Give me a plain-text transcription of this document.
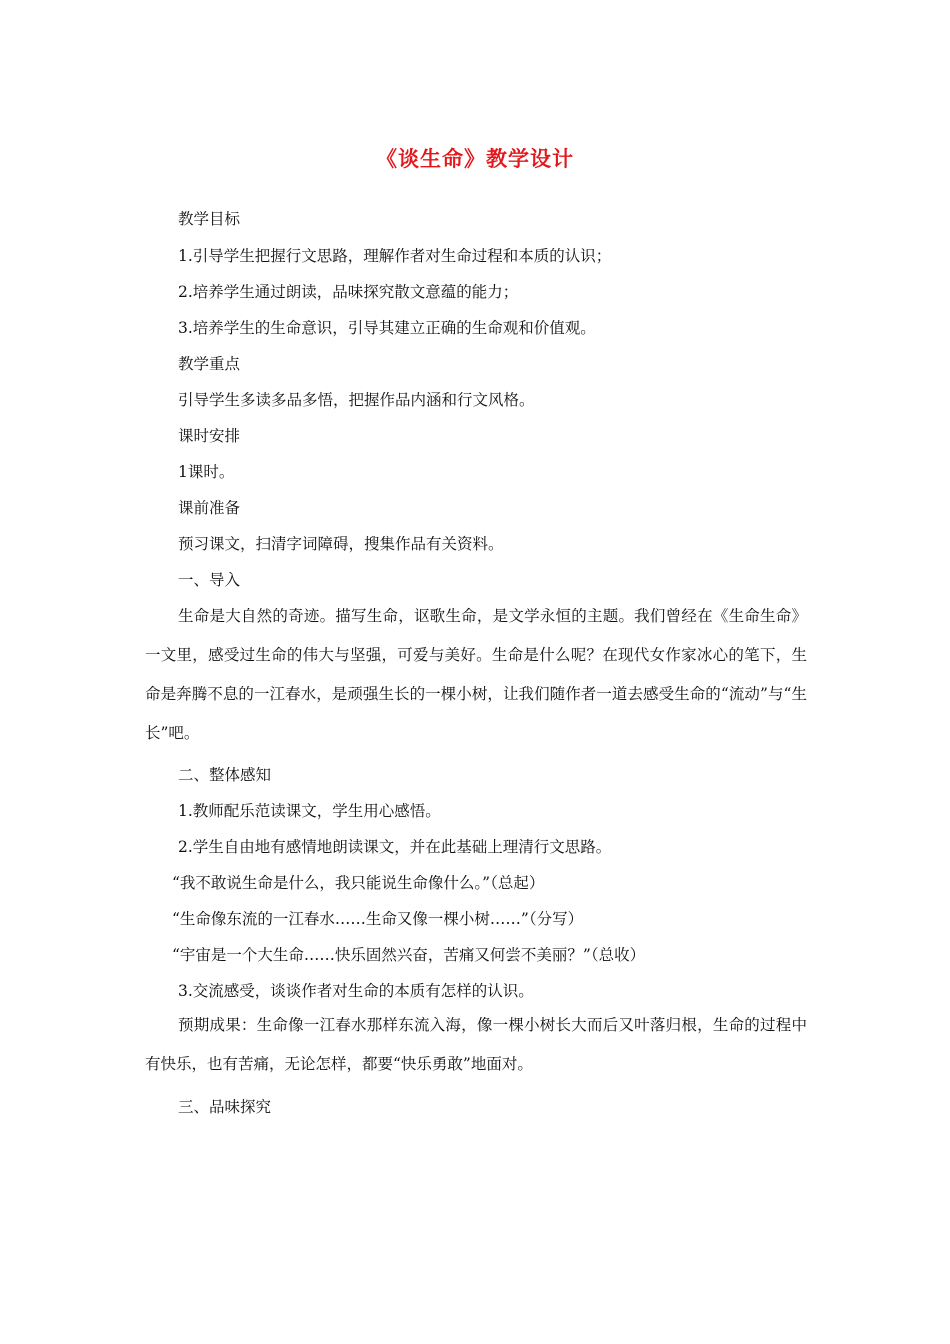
《谈生命》教学设计
教学目标
1.引导学生把握行文思路，理解作者对生命过程和本质的认识；
2.培养学生通过朗读，品味探究散文意蕴的能力；
3.培养学生的生命意识，引导其建立正确的生命观和价值观。
教学重点
引导学生多读多品多悟，把握作品内涵和行文风格。
课时安排
1课时。
课前准备
预习课文，扫清字词障碍，搜集作品有关资料。
一、导入
生命是大自然的奇迹。描写生命，讴歌生命，是文学永恒的主题。我们曾经在《生命生命》一文里，感受过生命的伟大与坚强，可爱与美好。生命是什么呢？在现代女作家冰心的笔下，生命是奔腾不息的一江春水，是顽强生长的一棵小树，让我们随作者一道去感受生命的“流动”与“生长”吧。
二、整体感知
1.教师配乐范读课文，学生用心感悟。
2.学生自由地有感情地朗读课文，并在此基础上理清行文思路。
“我不敢说生命是什么，我只能说生命像什么。”（总起）
“生命像东流的一江春水……生命又像一棵小树……”（分写）
“宇宙是一个大生命……快乐固然兴奋，苦痛又何尝不美丽？”（总收）
3.交流感受，谈谈作者对生命的本质有怎样的认识。
预期成果：生命像一江春水那样东流入海，像一棵小树长大而后又叶落归根，生命的过程中有快乐，也有苦痛，无论怎样，都要“快乐勇敢”地面对。
三、品味探究
